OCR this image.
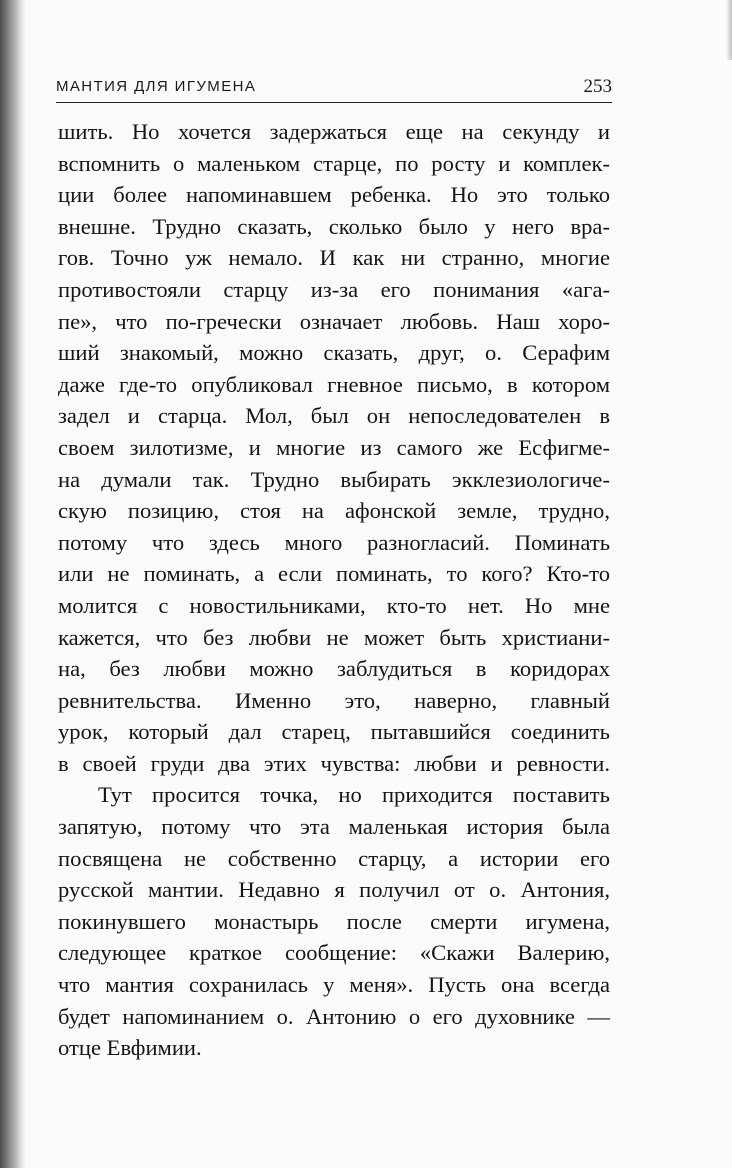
МАНТИЯ ДЛЯ ИГУМЕНА	253
шить. Но хочется задержаться еще на секунду и
вспомнить о маленьком старце, по росту и комплек-
ции более напоминавшем ребенка. Но это только
внешне. Трудно сказать, сколько было у него вра-
гов. Точно уж немало. И как ни странно, многие
противостояли старцу из-за его понимания «ага-
пе», что по-гречески означает любовь. Наш хоро-
ший знакомый, можно сказать, друг, о. Серафим
даже где-то опубликовал гневное письмо, в котором
задел и старца. Мол, был он непоследователен в
своем зилотизме, и многие из самого же Есфигме-
на думали так. Трудно выбирать экклезиологиче-
скую позицию, стоя на афонской земле, трудно,
потому что здесь много разногласий. Поминать
или не поминать, а если поминать, то кого? Кто-то
молится с новостильниками, кто-то нет. Но мне
кажется, что без любви не может быть христиани-
на, без любви можно заблудиться в коридорах
ревнительства. Именно это, наверно, главный
урок, который дал старец, пытавшийся соединить
в своей груди два этих чувства: любви и ревности.
Тут просится точка, но приходится поставить
запятую, потому что эта маленькая история была
посвящена не собственно старцу, а истории его
русской мантии. Недавно я получил от о. Антония,
покинувшего монастырь после смерти игумена,
следующее краткое сообщение: «Скажи Валерию,
что мантия сохранилась у меня». Пусть она всегда
будет напоминанием о. Антонию о его духовнике —
отце Евфимии.
